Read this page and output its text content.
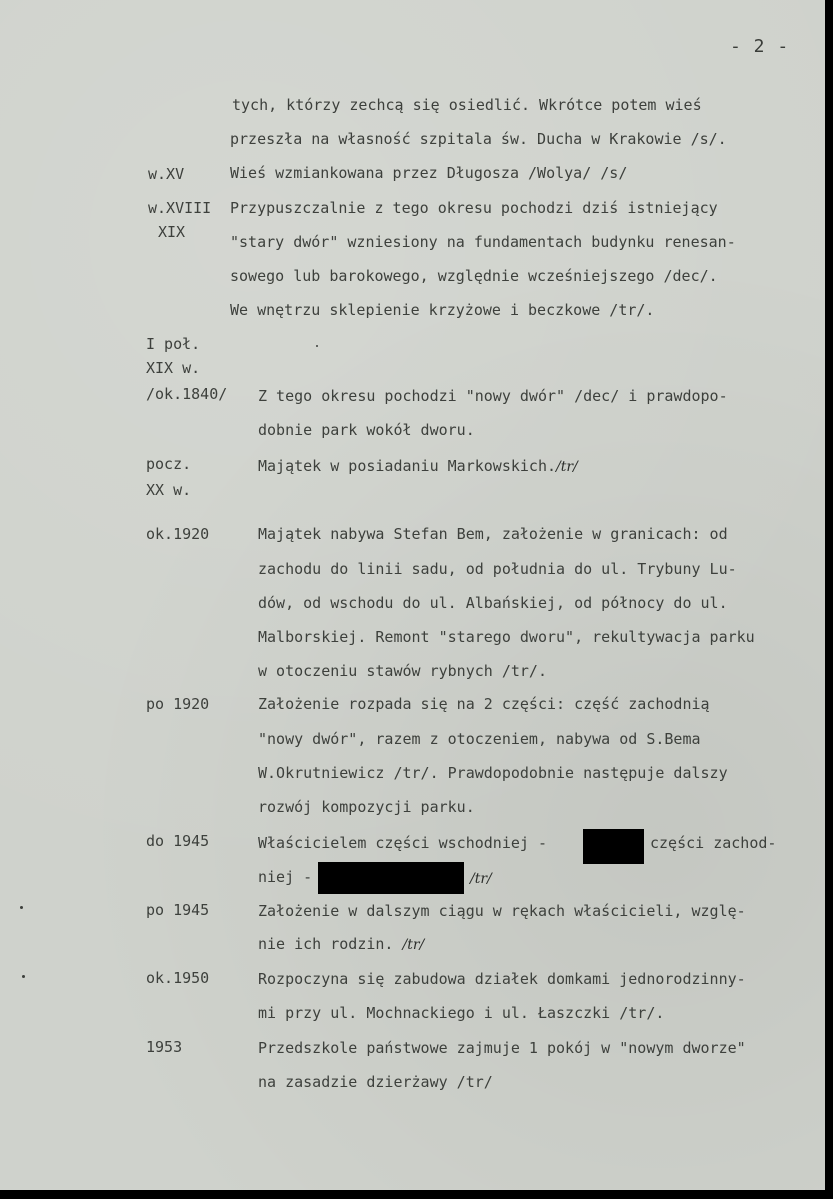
- 2 -
w.XV
w.XVIII
XIX
I poł.
XIX w.
/ok.1840/
pocz.
XX w.
ok.1920
po 1920
do 1945
po 1945
ok.1950
1953
tych, którzy zechcą się osiedlić. Wkrótce potem wieś
przeszła na własność szpitala św. Ducha w Krakowie /s/.
Wieś wzmiankowana przez Długosza /Wolya/ /s/
Przypuszczalnie z tego okresu pochodzi dziś istniejący
"stary dwór" wzniesiony na fundamentach budynku renesan-
sowego lub barokowego, względnie wcześniejszego /dec/.
We wnętrzu sklepienie krzyżowe i beczkowe /tr/.
Z tego okresu pochodzi "nowy dwór" /dec/ i prawdopo-
dobnie park wokół dworu.
Majątek w posiadaniu Markowskich./tr/
Majątek nabywa Stefan Bem, założenie w granicach: od
zachodu do linii sadu, od południa do ul. Trybuny Lu-
dów, od wschodu do ul. Albańskiej, od północy do ul.
Malborskiej. Remont "starego dworu", rekultywacja parku
w otoczeniu stawów rybnych /tr/.
Założenie rozpada się na 2 części: część zachodnią
"nowy dwór", razem z otoczeniem, nabywa od S.Bema
W.Okrutniewicz /tr/. Prawdopodobnie następuje dalszy
rozwój kompozycji parku.
Właścicielem części wschodniej -	części zachod-
niej -	/tr/
Założenie w dalszym ciągu w rękach właścicieli, wzglę-
nie ich rodzin. /tr/
Rozpoczyna się zabudowa działek domkami jednorodzinny-
mi przy ul. Mochnackiego i ul. Łaszczki /tr/.
Przedszkole państwowe zajmuje 1 pokój w "nowym dworze"
na zasadzie dzierżawy /tr/
